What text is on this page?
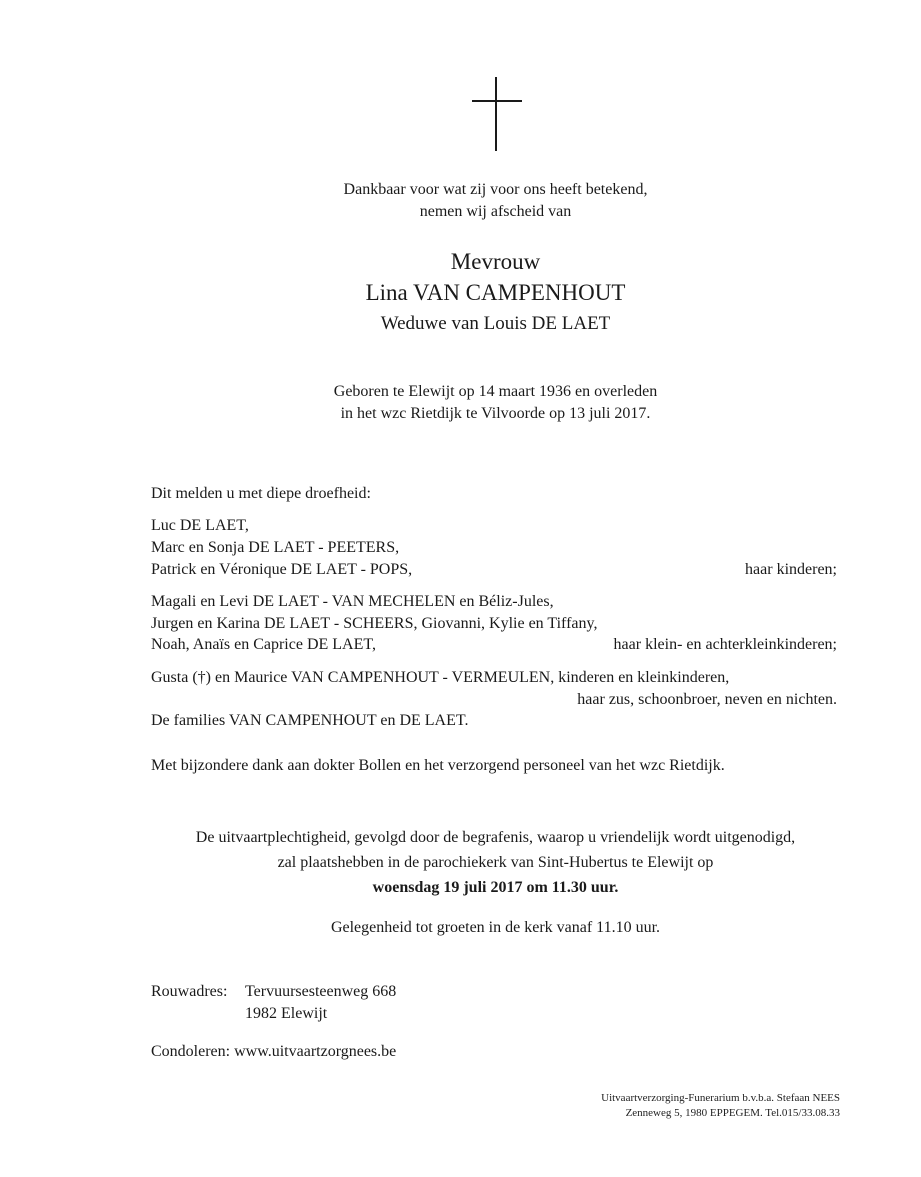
Dankbaar voor wat zij voor ons heeft betekend,
nemen wij afscheid van
Mevrouw
Lina VAN CAMPENHOUT
Weduwe van Louis DE LAET
Geboren te Elewijt op 14 maart 1936 en overleden
in het wzc Rietdijk te Vilvoorde op 13 juli 2017.
Dit melden u met diepe droefheid:
Luc DE LAET,
Marc en Sonja DE LAET - PEETERS,
Patrick en Véronique DE LAET - POPS,	haar kinderen;
Magali en Levi DE LAET - VAN MECHELEN en Béliz-Jules,
Jurgen en Karina DE LAET - SCHEERS, Giovanni, Kylie en Tiffany,
Noah, Anaïs en Caprice DE LAET,	haar klein- en achterkleinkinderen;
Gusta (†) en Maurice VAN CAMPENHOUT - VERMEULEN, kinderen en kleinkinderen,
haar zus, schoonbroer, neven en nichten.
De families VAN CAMPENHOUT en DE LAET.
Met bijzondere dank aan dokter Bollen en het verzorgend personeel van het wzc Rietdijk.
De uitvaartplechtigheid, gevolgd door de begrafenis, waarop u vriendelijk wordt uitgenodigd,
zal plaatshebben in de parochiekerk van Sint-Hubertus te Elewijt op
woensdag 19 juli 2017 om 11.30 uur.
Gelegenheid tot groeten in de kerk vanaf 11.10 uur.
Rouwadres: Tervuursesteenweg 668
1982 Elewijt
Condoleren: www.uitvaartzorgnees.be
Uitvaartverzorging-Funerarium b.v.b.a. Stefaan NEES
Zenneweg 5, 1980 EPPEGEM. Tel.015/33.08.33
